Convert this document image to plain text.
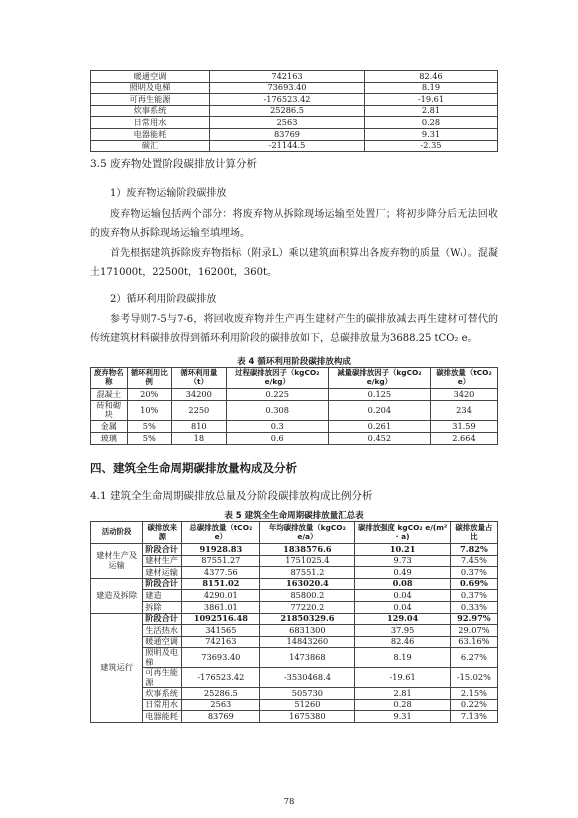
暖通空调	742163	82.46
照明及电梯	73693.40	8.19
可再生能源	-176523.42	-19.61
炊事系统	25286.5	2.81
日常用水	2563	0.28
电器能耗	83769	9.31
碳汇	-21144.5	-2.35
3.5 废弃物处置阶段碳排放计算分析
1）废弃物运输阶段碳排放

废弃物运输包括两个部分：将废弃物从拆除现场运输至处置厂；将初步降分后无法回收的废弃物从拆除现场运输至填埋场。

首先根据建筑拆除废弃物指标（附录L）乘以建筑面积算出各废弃物的质量（Wᵢ）。混凝土171000t，22500t，16200t，360t。

2）循环利用阶段碳排放

参考导则7-5与7-6，将回收废弃物并生产再生建材产生的碳排放减去再生建材可替代的传统建筑材料碳排放得到循环利用阶段的碳排放如下，总碳排放量为3688.25 tCO₂ e。

表 4 循环利用阶段碳排放构成
废弃物名称	循环利用比例	循环利用量（t）	过程碳排放因子（kgCO₂ e/kg）	减量碳排放因子（kgCO₂ e/kg）	碳排放量（tCO₂ e）
混凝土	20%	34200	0.225	0.125	3420
砖和砌块	10%	2250	0.308	0.204	234
金属	5%	810	0.3	0.261	31.59
玻璃	5%	18	0.6	0.452	2.664
四、建筑全生命周期碳排放量构成及分析
4.1 建筑全生命周期碳排放总量及分阶段碳排放构成比例分析
表 5 建筑全生命周期碳排放量汇总表
活动阶段	碳排放来源	总碳排放量（tCO₂ e）	年均碳排放量（kgCO₂ e/a）	碳排放强度 kgCO₂ e/(m² · a)	碳排放量占比
建材生产及运输	阶段合计	91928.83	1838576.6	10.21	7.82%
	建材生产	87551.27	1751025.4	9.73	7.45%
	建材运输	4377.56	87551.2	0.49	0.37%
建造及拆除	阶段合计	8151.02	163020.4	0.08	0.69%
	建造	4290.01	85800.2	0.04	0.37%
	拆除	3861.01	77220.2	0.04	0.33%
建筑运行	阶段合计	1092516.48	21850329.6	129.04	92.97%
	生活热水	341565	6831300	37.95	29.07%
	暖通空调	742163	14843260	82.46	63.16%
	照明及电梯	73693.40	1473868	8.19	6.27%
	可再生能源	-176523.42	-3530468.4	-19.61	-15.02%
	炊事系统	25286.5	505730	2.81	2.15%
	日常用水	2563	51260	0.28	0.22%
	电器能耗	83769	1675380	9.31	7.13%
78
